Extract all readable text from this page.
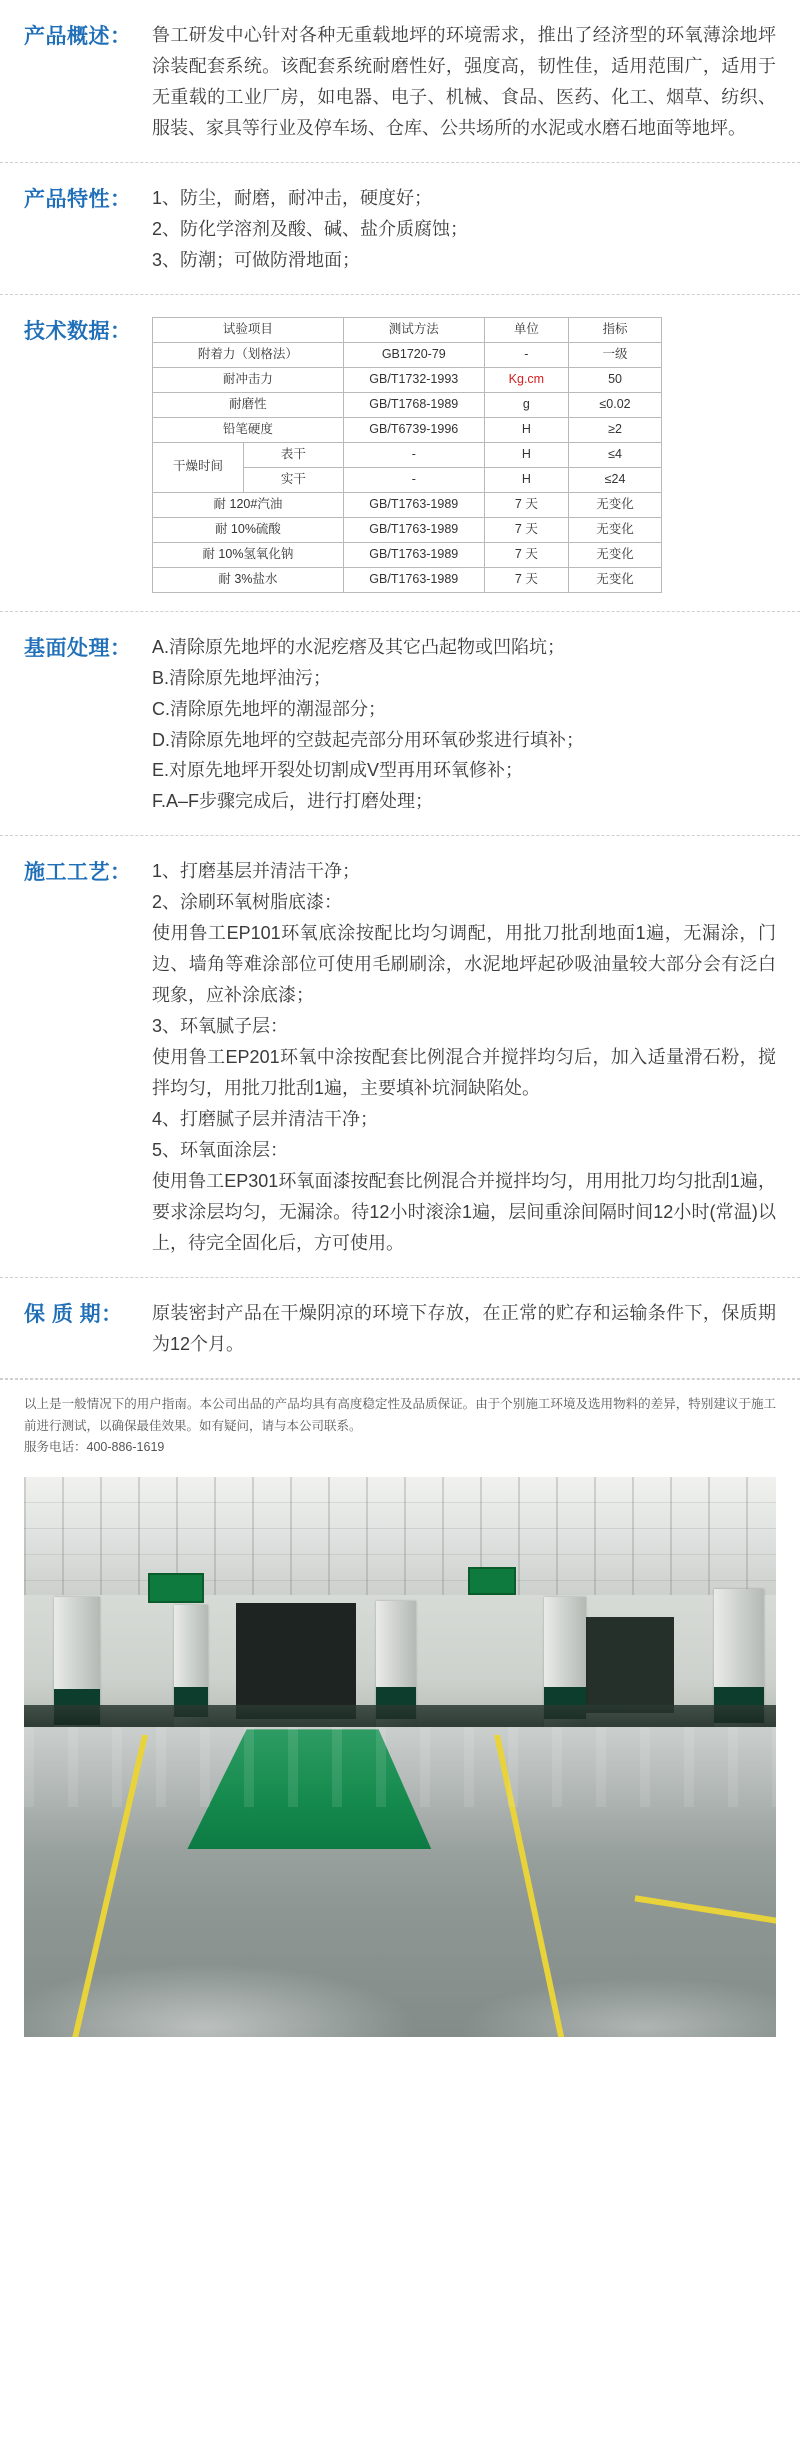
产品概述：	鲁工研发中心针对各种无重载地坪的环境需求，推出了经济型的环氧薄涂地坪涂装配套系统。该配套系统耐磨性好，强度高，韧性佳，适用范围广，适用于无重载的工业厂房，如电器、电子、机械、食品、医药、化工、烟草、纺织、服装、家具等行业及停车场、仓库、公共场所的水泥或水磨石地面等地坪。

产品特性：	1、防尘，耐磨，耐冲击，硬度好；

2、防化学溶剂及酸、碱、盐介质腐蚀；

3、防潮；可做防滑地面；

技术数据：	试验项目		测试方法	单位	指标
附着力（划格法）		GB1720-79	-	一级
耐冲击力		GB/T1732-1993	Kg.cm	50
耐磨性		GB/T1768-1989	g	≤0.02
铅笔硬度		GB/T6739-1996	H	≥2
干燥时间	表干	-	H	≤4
	实干	-	H	≤24
耐 120#汽油		GB/T1763-1989	7 天	无变化
耐 10%硫酸		GB/T1763-1989	7 天	无变化
耐 10%氢氧化钠		GB/T1763-1989	7 天	无变化
耐 3%盐水		GB/T1763-1989	7 天	无变化
基面处理：	A.清除原先地坪的水泥疙瘩及其它凸起物或凹陷坑；

B.清除原先地坪油污；

C.清除原先地坪的潮湿部分；

D.清除原先地坪的空鼓起壳部分用环氧砂浆进行填补；

E.对原先地坪开裂处切割成V型再用环氧修补；

F.A–F步骤完成后，进行打磨处理；

施工工艺：	1、打磨基层并清洁干净；

2、涂刷环氧树脂底漆：

使用鲁工EP101环氧底涂按配比均匀调配，用批刀批刮地面1遍，无漏涂，门边、墙角等难涂部位可使用毛刷刷涂，水泥地坪起砂吸油量较大部分会有泛白现象，应补涂底漆；

3、环氧腻子层：

使用鲁工EP201环氧中涂按配套比例混合并搅拌均匀后，加入适量滑石粉，搅拌均匀，用批刀批刮1遍，主要填补坑洞缺陷处。

4、打磨腻子层并清洁干净；

5、环氧面涂层：

使用鲁工EP301环氧面漆按配套比例混合并搅拌均匀，用用批刀均匀批刮1遍，要求涂层均匀，无漏涂。待12小时滚涂1遍，层间重涂间隔时间12小时(常温)以上，待完全固化后，方可使用。

保 质 期：	原装密封产品在干燥阴凉的环境下存放，在正常的贮存和运输条件下，保质期为12个月。

以上是一般情况下的用户指南。本公司出品的产品均具有高度稳定性及品质保证。由于个别施工环境及选用物料的差异，特别建议于施工前进行测试，以确保最佳效果。如有疑问，请与本公司联系。
服务电话：400-886-1619
